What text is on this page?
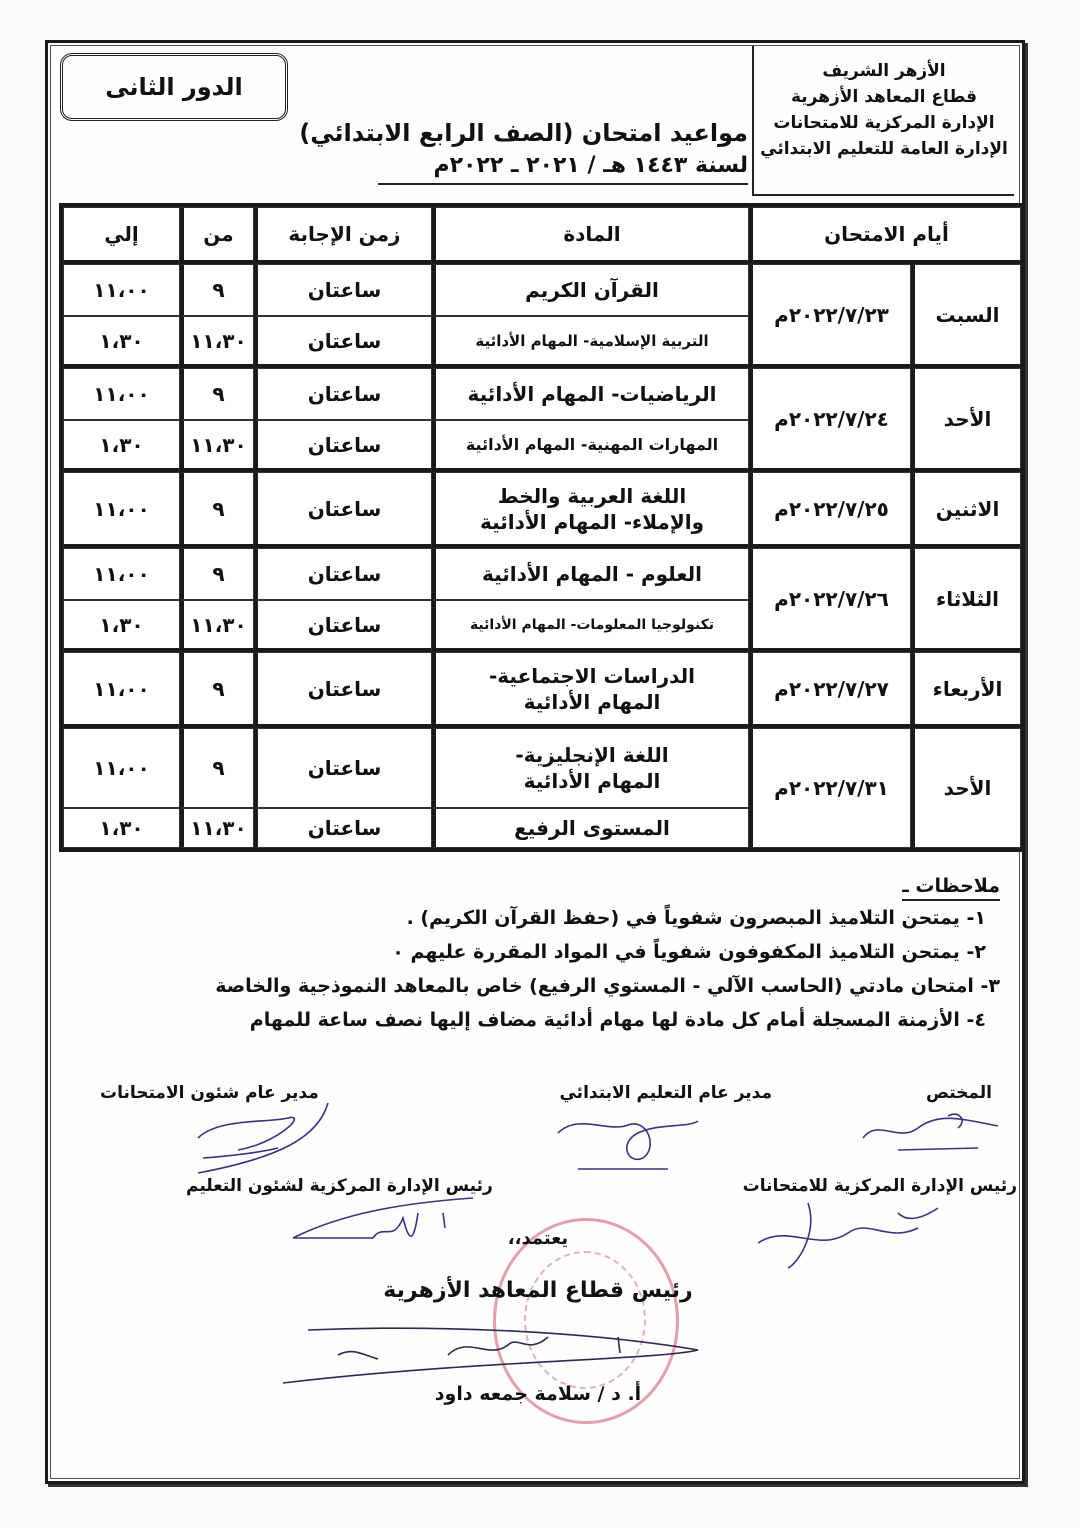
الأزهر الشريف
قطاع المعاهد الأزهرية
الإدارة المركزية للامتحانات
الإدارة العامة للتعليم الابتدائي
الدور الثانى
مواعيد امتحان (الصف الرابع الابتدائي)
لسنة ١٤٤٣ هـ / ٢٠٢١ ـ ٢٠٢٢م
أيام الامتحان		المادة	زمن الإجابة	من	إلي
السبت	٢٠٢٢/٧/٢٣م	القرآن الكريم	ساعتان	٩	١١،٠٠
		التربية الإسلامية- المهام الأدائية	ساعتان	١١،٣٠	١،٣٠
الأحد	٢٠٢٢/٧/٢٤م	الرياضيات- المهام الأدائية	ساعتان	٩	١١،٠٠
		المهارات المهنية- المهام الأدائية	ساعتان	١١،٣٠	١،٣٠
الاثنين	٢٠٢٢/٧/٢٥م	اللغة العربية والخط
والإملاء- المهام الأدائية	ساعتان	٩	١١،٠٠
الثلاثاء	٢٠٢٢/٧/٢٦م	العلوم - المهام الأدائية	ساعتان	٩	١١،٠٠
		تكنولوجيا المعلومات- المهام الأدائية	ساعتان	١١،٣٠	١،٣٠
الأربعاء	٢٠٢٢/٧/٢٧م	الدراسات الاجتماعية-
المهام الأدائية	ساعتان	٩	١١،٠٠
الأحد	٢٠٢٢/٧/٣١م	اللغة الإنجليزية-
المهام الأدائية	ساعتان	٩	١١،٠٠
		المستوى الرفيع	ساعتان	١١،٣٠	١،٣٠
ملاحظات ـ
١- يمتحن التلاميذ المبصرون شفوياً في (حفظ القرآن الكريم) .
٢- يمتحن التلاميذ المكفوفون شفوياً في المواد المقررة عليهم ٠
٣- امتحان مادتي (الحاسب الآلي - المستوي الرفيع) خاص بالمعاهد النموذجية والخاصة
٤- الأزمنة المسجلة أمام كل مادة لها مهام أدائية مضاف إليها نصف ساعة للمهام
المختص
مدير عام التعليم الابتدائي
مدير عام شئون الامتحانات
رئيس الإدارة المركزية للامتحانات
رئيس الإدارة المركزية لشئون التعليم
يعتمد،،
رئيس قطاع المعاهد الأزهرية
أ. د / سلامة جمعه داود
